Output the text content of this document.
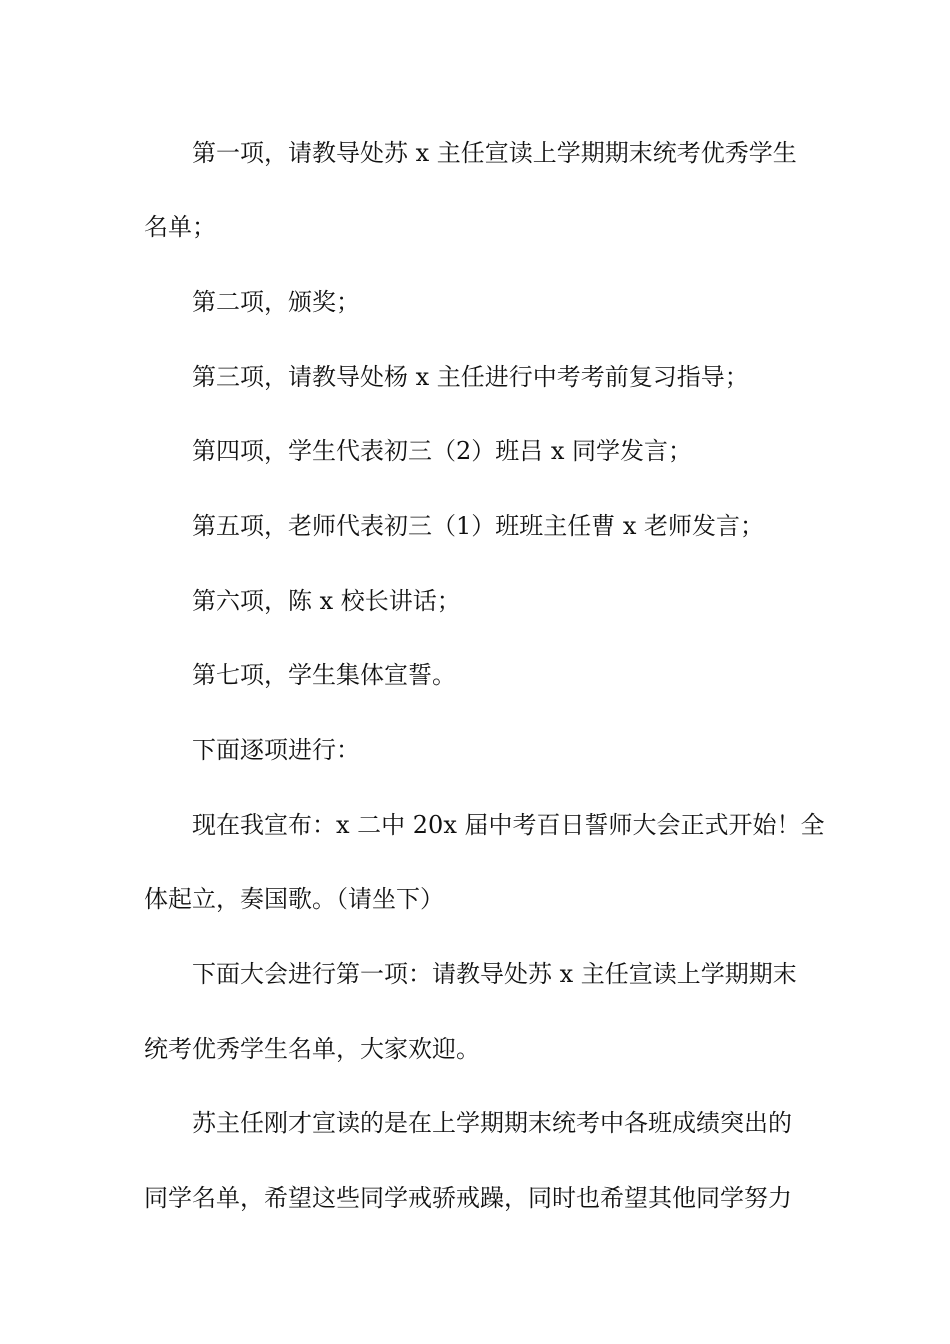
第一项，请教导处苏 x 主任宣读上学期期末统考优秀学生
名单；
第二项，颁奖；
第三项，请教导处杨 x 主任进行中考考前复习指导；
第四项，学生代表初三（2）班吕 x 同学发言；
第五项，老师代表初三（1）班班主任曹 x 老师发言；
第六项，陈 x 校长讲话；
第七项，学生集体宣誓。
下面逐项进行：
现在我宣布：x 二中 20x 届中考百日誓师大会正式开始！全
体起立，奏国歌。（请坐下）
下面大会进行第一项：请教导处苏 x 主任宣读上学期期末
统考优秀学生名单，大家欢迎。
苏主任刚才宣读的是在上学期期末统考中各班成绩突出的
同学名单，希望这些同学戒骄戒躁，同时也希望其他同学努力
